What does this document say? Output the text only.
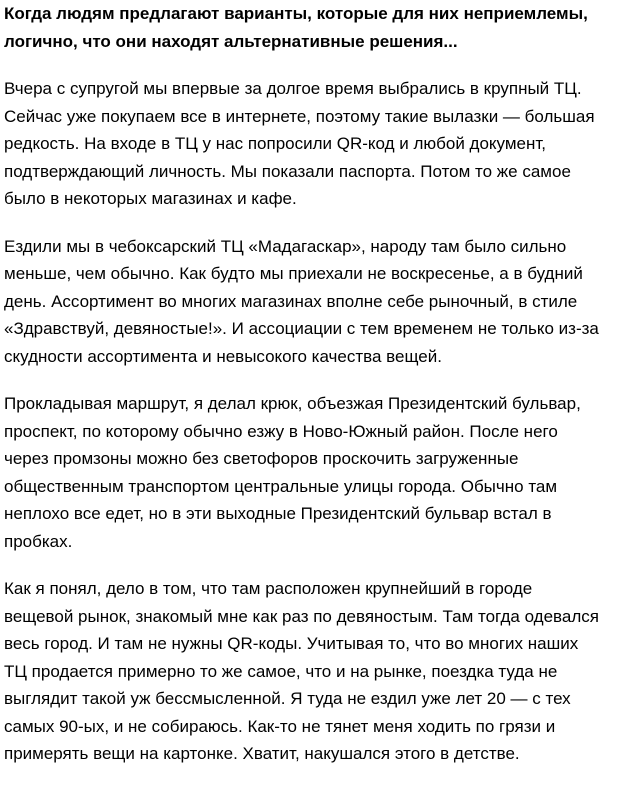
Когда людям предлагают варианты, которые для них неприемлемы,
логично, что они находят альтернативные решения...

Вчера с супругой мы впервые за долгое время выбрались в крупный ТЦ.
Сейчас уже покупаем все в интернете, поэтому такие вылазки — большая
редкость. На входе в ТЦ у нас попросили QR-код и любой документ,
подтверждающий личность. Мы показали паспорта. Потом то же самое
было в некоторых магазинах и кафе.

Ездили мы в чебоксарский ТЦ «Мадагаскар», народу там было сильно
меньше, чем обычно. Как будто мы приехали не воскресенье, а в будний
день. Ассортимент во многих магазинах вполне себе рыночный, в стиле
«Здравствуй, девяностые!». И ассоциации с тем временем не только из-за
скудности ассортимента и невысокого качества вещей.

Прокладывая маршрут, я делал крюк, объезжая Президентский бульвар,
проспект, по которому обычно езжу в Ново-Южный район. После него
через промзоны можно без светофоров проскочить загруженные
общественным транспортом центральные улицы города. Обычно там
неплохо все едет, но в эти выходные Президентский бульвар встал в
пробках.

Как я понял, дело в том, что там расположен крупнейший в городе
вещевой рынок, знакомый мне как раз по девяностым. Там тогда одевался
весь город. И там не нужны QR-коды. Учитывая то, что во многих наших
ТЦ продается примерно то же самое, что и на рынке, поездка туда не
выглядит такой уж бессмысленной. Я туда не ездил уже лет 20 — с тех
самых 90-ых, и не собираюсь. Как-то не тянет меня ходить по грязи и
примерять вещи на картонке. Хватит, накушался этого в детстве.
